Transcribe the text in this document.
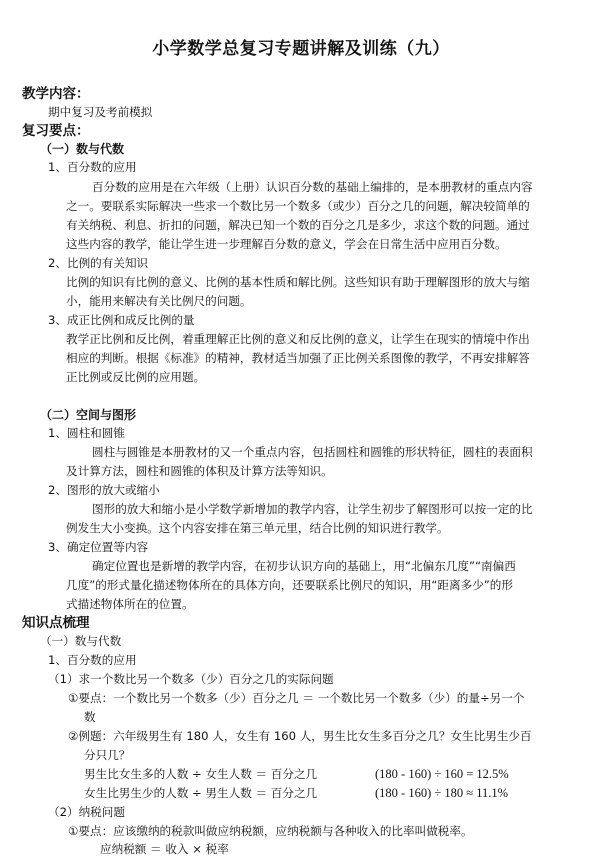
小学数学总复习专题讲解及训练（九）
教学内容：
期中复习及考前模拟
复习要点：
（一）数与代数
1、百分数的应用
百分数的应用是在六年级（上册）认识百分数的基础上编排的，是本册教材的重点内容
之一。要联系实际解决一些求一个数比另一个数多（或少）百分之几的问题，解决较简单的
有关纳税、利息、折扣的问题，解决已知一个数的百分之几是多少，求这个数的问题。通过
这些内容的教学，能让学生进一步理解百分数的意义，学会在日常生活中应用百分数。
2、比例的有关知识
比例的知识有比例的意义、比例的基本性质和解比例。这些知识有助于理解图形的放大与缩
小，能用来解决有关比例尺的问题。
3、成正比例和成反比例的量
教学正比例和反比例，着重理解正比例的意义和反比例的意义，让学生在现实的情境中作出
相应的判断。根据《标准》的精神，教材适当加强了正比例关系图像的教学，不再安排解答
正比例或反比例的应用题。
（二）空间与图形
1、圆柱和圆锥
圆柱与圆锥是本册教材的又一个重点内容，包括圆柱和圆锥的形状特征，圆柱的表面积
及计算方法，圆柱和圆锥的体积及计算方法等知识。
2、图形的放大或缩小
图形的放大和缩小是小学数学新增加的教学内容，让学生初步了解图形可以按一定的比
例发生大小变换。这个内容安排在第三单元里，结合比例的知识进行教学。
3、确定位置等内容
确定位置也是新增的教学内容，在初步认识方向的基础上，用“北偏东几度”“南偏西
几度”的形式量化描述物体所在的具体方向，还要联系比例尺的知识，用“距离多少”的形
式描述物体所在的位置。
知识点梳理
（一）数与代数
1、百分数的应用
（1）求一个数比另一个数多（少）百分之几的实际问题
①要点：一个数比另一个数多（少）百分之几 ＝ 一个数比另一个数多（少）的量÷另一个
数
②例题：六年级男生有 180 人，女生有 160 人，男生比女生多百分之几？女生比男生少百
分只几？
男生比女生多的人数 ÷ 女生人数 ＝ 百分之几	(180 - 160) ÷ 160 = 12.5%
女生比男生少的人数 ÷ 男生人数 ＝ 百分之几	(180 - 160) ÷ 180 ≈ 11.1%
（2）纳税问题
①要点：应该缴纳的税款叫做应纳税额，应纳税额与各种收入的比率叫做税率。
应纳税额 ＝ 收入 × 税率
